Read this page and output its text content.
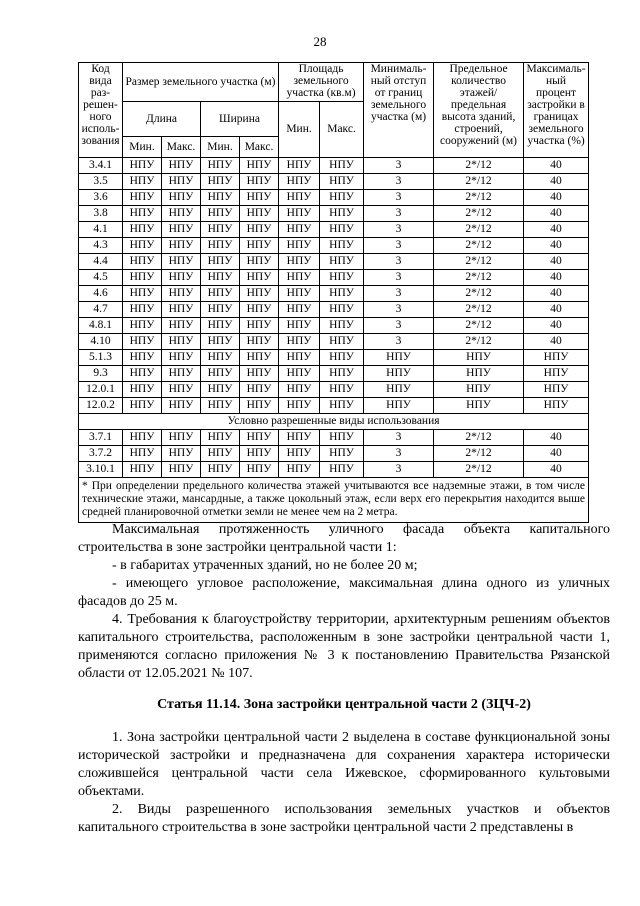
28
Код вида раз-решен-ного исполь-зования	Размер земельного участка (м)				Площадь земельного участка (кв.м)		Минималь-ный отступ от границ земельного участка (м)	Предельное количество этажей/ предельная высота зданий, строений, сооружений (м)	Максималь-ный процент застройки в границах земельного участка (%)
	Длина		Ширина		Мин.	Макс.			
	Мин.	Макс.	Мин.	Макс.					
3.4.1	НПУ	НПУ	НПУ	НПУ	НПУ	НПУ	3	2*/12	40
3.5	НПУ	НПУ	НПУ	НПУ	НПУ	НПУ	3	2*/12	40
3.6	НПУ	НПУ	НПУ	НПУ	НПУ	НПУ	3	2*/12	40
3.8	НПУ	НПУ	НПУ	НПУ	НПУ	НПУ	3	2*/12	40
4.1	НПУ	НПУ	НПУ	НПУ	НПУ	НПУ	3	2*/12	40
4.3	НПУ	НПУ	НПУ	НПУ	НПУ	НПУ	3	2*/12	40
4.4	НПУ	НПУ	НПУ	НПУ	НПУ	НПУ	3	2*/12	40
4.5	НПУ	НПУ	НПУ	НПУ	НПУ	НПУ	3	2*/12	40
4.6	НПУ	НПУ	НПУ	НПУ	НПУ	НПУ	3	2*/12	40
4.7	НПУ	НПУ	НПУ	НПУ	НПУ	НПУ	3	2*/12	40
4.8.1	НПУ	НПУ	НПУ	НПУ	НПУ	НПУ	3	2*/12	40
4.10	НПУ	НПУ	НПУ	НПУ	НПУ	НПУ	3	2*/12	40
5.1.3	НПУ	НПУ	НПУ	НПУ	НПУ	НПУ	НПУ	НПУ	НПУ
9.3	НПУ	НПУ	НПУ	НПУ	НПУ	НПУ	НПУ	НПУ	НПУ
12.0.1	НПУ	НПУ	НПУ	НПУ	НПУ	НПУ	НПУ	НПУ	НПУ
12.0.2	НПУ	НПУ	НПУ	НПУ	НПУ	НПУ	НПУ	НПУ	НПУ
Условно разрешенные виды использования									
3.7.1	НПУ	НПУ	НПУ	НПУ	НПУ	НПУ	3	2*/12	40
3.7.2	НПУ	НПУ	НПУ	НПУ	НПУ	НПУ	3	2*/12	40
3.10.1	НПУ	НПУ	НПУ	НПУ	НПУ	НПУ	3	2*/12	40
* При определении предельного количества этажей учитываются все надземные этажи, в том числе технические этажи, мансардные, а также цокольный этаж, если верх его перекрытия находится выше средней планировочной отметки земли не менее чем на 2 метра.									

Максимальная протяженность уличного фасада объекта капитального строительства в зоне застройки центральной части 1:

- в габаритах утраченных зданий, но не более 20 м;

- имеющего угловое расположение, максимальная длина одного из уличных фасадов до 25 м.

4. Требования к благоустройству территории, архитектурным решениям объектов капитального строительства, расположенным в зоне застройки центральной части 1, применяются согласно приложения № 3 к постановлению Правительства Рязанской области от 12.05.2021 № 107.

Статья 11.14. Зона застройки центральной части 2 (ЗЦЧ-2)

1. Зона застройки центральной части 2 выделена в составе функциональной зоны исторической застройки и предназначена для сохранения характера исторически сложившейся центральной части села Ижевское, сформированного культовыми объектами.

2. Виды разрешенного использования земельных участков и объектов капитального строительства в зоне застройки центральной части 2 представлены в
